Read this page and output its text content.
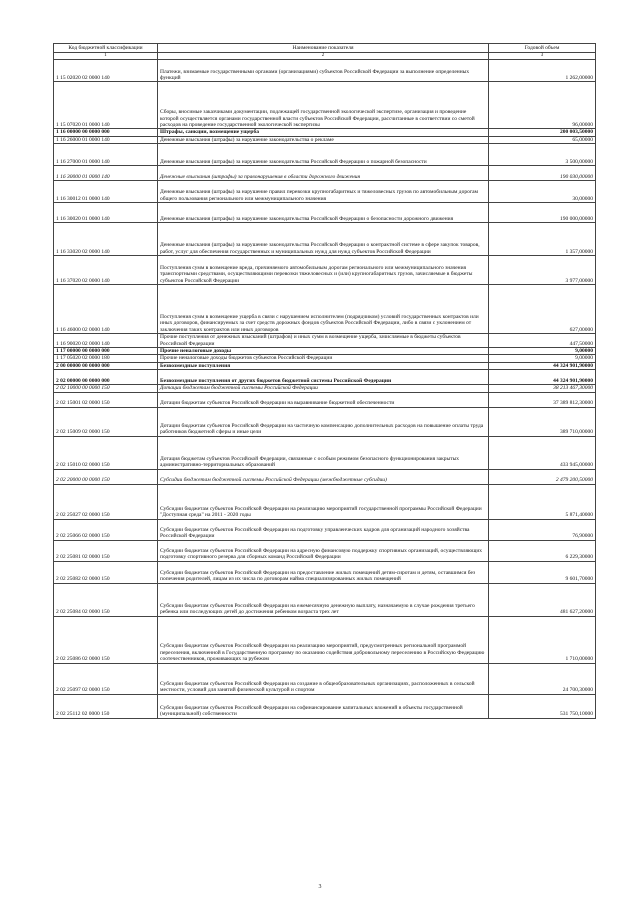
Код бюджетной классификации	Наименование показателя	Годовой объем
1	2	3
1 15 02020 02 0000 140	Платежи, взимаемые государственными органами (организациями) субъектов Российской Федерации за выполнение определенных функций	1 262,00000
1 15 07020 01 0000 140	Сборы, вносимые заказчиками документации, подлежащей государственной экологической экспертизе, организация и проведение которой осуществляется органами государственной власти субъектов Российской Федерации, рассчитанные в соответствии со сметой расходов на проведение государственной экологической экспертизы	96,00000
1 16 00000 00 0000 000	Штрафы, санкции, возмещение ущерба	200 003,50000
1 16 26000 01 0000 140	Денежные взыскания (штрафы) за нарушение законодательства о рекламе	65,00000
1 16 27000 01 0000 140	Денежные взыскания (штрафы) за нарушение законодательства Российской Федерации о пожарной безопасности	3 500,00000
1 16 30000 01 0000 140	Денежные взыскания (штрафы) за правонарушения в области дорожного движения	190 030,00000
1 16 30012 01 0000 140	Денежные взыскания (штрафы) за нарушение правил перевозки крупногабаритных и тяжеловесных грузов по автомобильным дорогам общего пользования регионального или межмуниципального значения	30,00000
1 16 30020 01 0000 140	Денежные взыскания (штрафы) за нарушение законодательства Российской Федерации о безопасности дорожного движения	190 000,00000
1 16 33020 02 0000 140	Денежные взыскания (штрафы) за нарушение законодательства Российской Федерации о контрактной системе в сфере закупок товаров, работ, услуг для обеспечения государственных и муниципальных нужд для нужд субъектов Российской Федерации	1 357,00000
1 16 37020 02 0000 140	Поступления сумм в возмещение вреда, причиняемого автомобильным дорогам регионального или межмуниципального значения транспортными средствами, осуществляющими перевозки тяжеловесных и (или) крупногабаритных грузов, зачисляемые в бюджеты субъектов Российской Федерации	3 977,00000
1 16 46000 02 0000 140	Поступления сумм в возмещение ущерба в связи с нарушением исполнителем (подрядчиком) условий государственных контрактов или иных договоров, финансируемых за счет средств дорожных фондов субъектов Российской Федерации, либо в связи с уклонением от заключения таких контрактов или иных договоров	627,00000
1 16 90020 02 0000 140	Прочие поступления от денежных взысканий (штрафов) и иных сумм в возмещение ущерба, зачисляемые в бюджеты субъектов Российской Федерации	447,50000
1 17 00000 00 0000 000	Прочие неналоговые доходы	9,00000
1 17 05020 02 0000 180	Прочие неналоговые доходы бюджетов субъектов Российской Федерации	9,00000
2 00 00000 00 0000 000	Безвозмездные поступления	44 324 901,90000
2 02 00000 00 0000 000	Безвозмездные поступления от других бюджетов бюджетной системы Российской Федерации	44 324 901,90000
2 02 10000 00 0000 150	Дотации бюджетам бюджетной системы Российской Федерации	38 213 467,30000
2 02 15001 02 0000 150	Дотации бюджетам субъектов Российской Федерации на выравнивание бюджетной обеспеченности	37 389 812,30000
2 02 15009 02 0000 150	Дотации бюджетам субъектов Российской Федерации на частичную компенсацию дополнительных расходов на повышение оплаты труда работников бюджетной сферы и иные цели	389 710,00000
2 02 15010 02 0000 150	Дотация бюджетам субъектов Российской Федерации, связанные с особым режимом безопасного функционирования закрытых административно-территориальных образований	433 945,00000
2 02 20000 00 0000 150	Субсидии бюджетам бюджетной системы Российской Федерации (межбюджетные субсидии)	2 479 200,50000
2 02 25027 02 0000 150	Субсидии бюджетам субъектов Российской Федерации на реализацию мероприятий государственной программы Российской Федерации "Доступная среда" на 2011 - 2020 годы	5 871,40000
2 02 25066 02 0000 150	Субсидии бюджетам субъектов Российской Федерации на подготовку управленческих кадров для организаций народного хозяйства Российской Федерации	76,90000
2 02 25081 02 0000 150	Субсидии бюджетам субъектов Российской Федерации на адресную финансовую поддержку спортивных организаций, осуществляющих подготовку спортивного резерва для сборных команд Российской Федерации	6 229,30000
2 02 25082 02 0000 150	Субсидии бюджетам субъектов Российской Федерации на предоставление жилых помещений детям-сиротам и детям, оставшимся без попечения родителей, лицам из их числа по договорам найма специализированных жилых помещений	9 601,70000
2 02 25084 02 0000 150	Субсидии бюджетам субъектов Российской Федерации на ежемесячную денежную выплату, назначаемую в случае рождения третьего ребенка или последующих детей до достижения ребенком возраста трех лет	481 627,20000
2 02 25086 02 0000 150	Субсидии бюджетам субъектов Российской Федерации на реализацию мероприятий, предусмотренных региональной программой переселения, включенной в Государственную программу по оказанию содействия добровольному переселению в Российскую Федерацию соотечественников, проживающих за рубежом	1 710,00000
2 02 25097 02 0000 150	Субсидии бюджетам субъектов Российской Федерации на создание в общеобразовательных организациях, расположенных в сельской местности, условий для занятий физической культурой и спортом	24 700,30000
2 02 25112 02 0000 150	Субсидии бюджетам субъектов Российской Федерации на софинансирование капитальных вложений в объекты государственной (муниципальной) собственности	531 750,10000
3
